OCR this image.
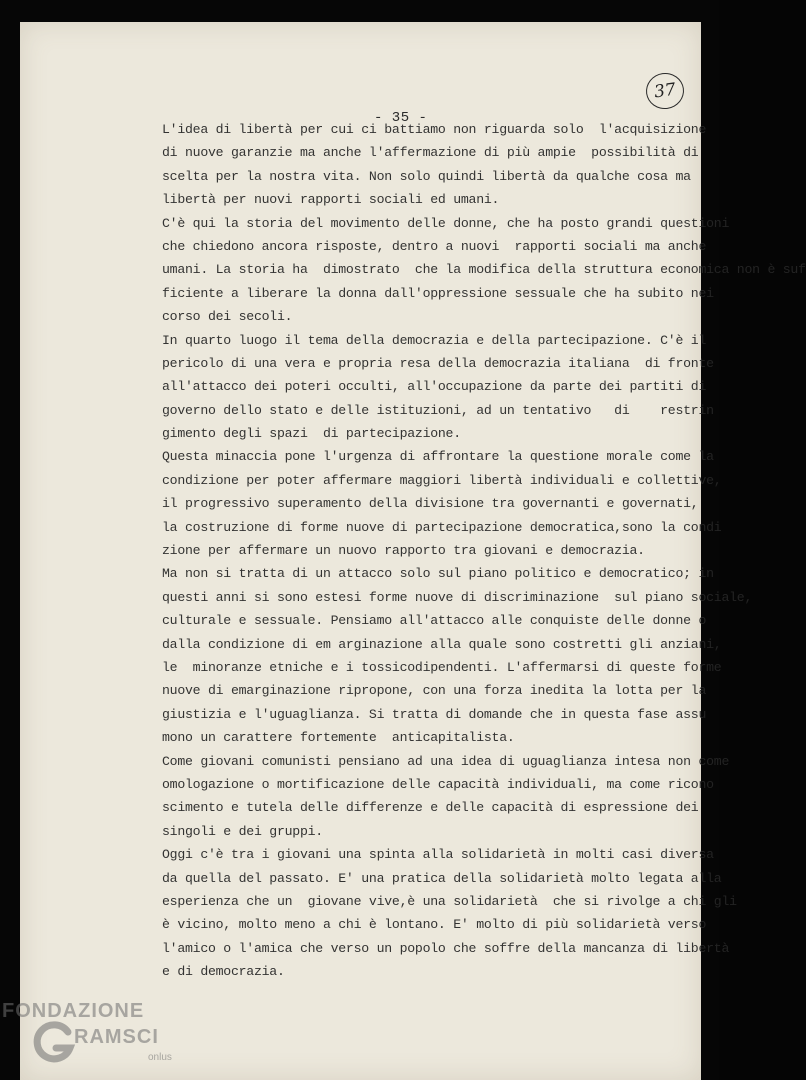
- 35 -
37
L'idea di libertà per cui ci battiamo non riguarda solo  l'acquisizione
di nuove garanzie ma anche l'affermazione di più ampie  possibilità di
scelta per la nostra vita. Non solo quindi libertà da qualche cosa ma
libertà per nuovi rapporti sociali ed umani.
C'è qui la storia del movimento delle donne, che ha posto grandi questioni
che chiedono ancora risposte, dentro a nuovi  rapporti sociali ma anche
umani. La storia ha  dimostrato  che la modifica della struttura economica non è suf
ficiente a liberare la donna dall'oppressione sessuale che ha subito nei
corso dei secoli.
In quarto luogo il tema della democrazia e della partecipazione. C'è il
pericolo di una vera e propria resa della democrazia italiana  di fronte
all'attacco dei poteri occulti, all'occupazione da parte dei partiti di
governo dello stato e delle istituzioni, ad un tentativo   di    restrin
gimento degli spazi  di partecipazione.
Questa minaccia pone l'urgenza di affrontare la questione morale come la
condizione per poter affermare maggiori libertà individuali e collettive,
il progressivo superamento della divisione tra governanti e governati,
la costruzione di forme nuove di partecipazione democratica,sono la condi
zione per affermare un nuovo rapporto tra giovani e democrazia.
Ma non si tratta di un attacco solo sul piano politico e democratico; in
questi anni si sono estesi forme nuove di discriminazione  sul piano sociale,
culturale e sessuale. Pensiamo all'attacco alle conquiste delle donne o
dalla condizione di em arginazione alla quale sono costretti gli anziani,
le  minoranze etniche e i tossicodipendenti. L'affermarsi di queste forme
nuove di emarginazione ripropone, con una forza inedita la lotta per la
giustizia e l'uguaglianza. Si tratta di domande che in questa fase assu
mono un carattere fortemente  anticapitalista.
Come giovani comunisti pensiano ad una idea di uguaglianza intesa non come
omologazione o mortificazione delle capacità individuali, ma come ricono
scimento e tutela delle differenze e delle capacità di espressione dei
singoli e dei gruppi.
Oggi c'è tra i giovani una spinta alla solidarietà in molti casi diversa
da quella del passato. E' una pratica della solidarietà molto legata alla
esperienza che un  giovane vive,è una solidarietà  che si rivolge a chi gli
è vicino, molto meno a chi è lontano. E' molto di più solidarietà verso
l'amico o l'amica che verso un popolo che soffre della mancanza di libertà
e di democrazia.
FONDAZIONE
RAMSCI
onlus
